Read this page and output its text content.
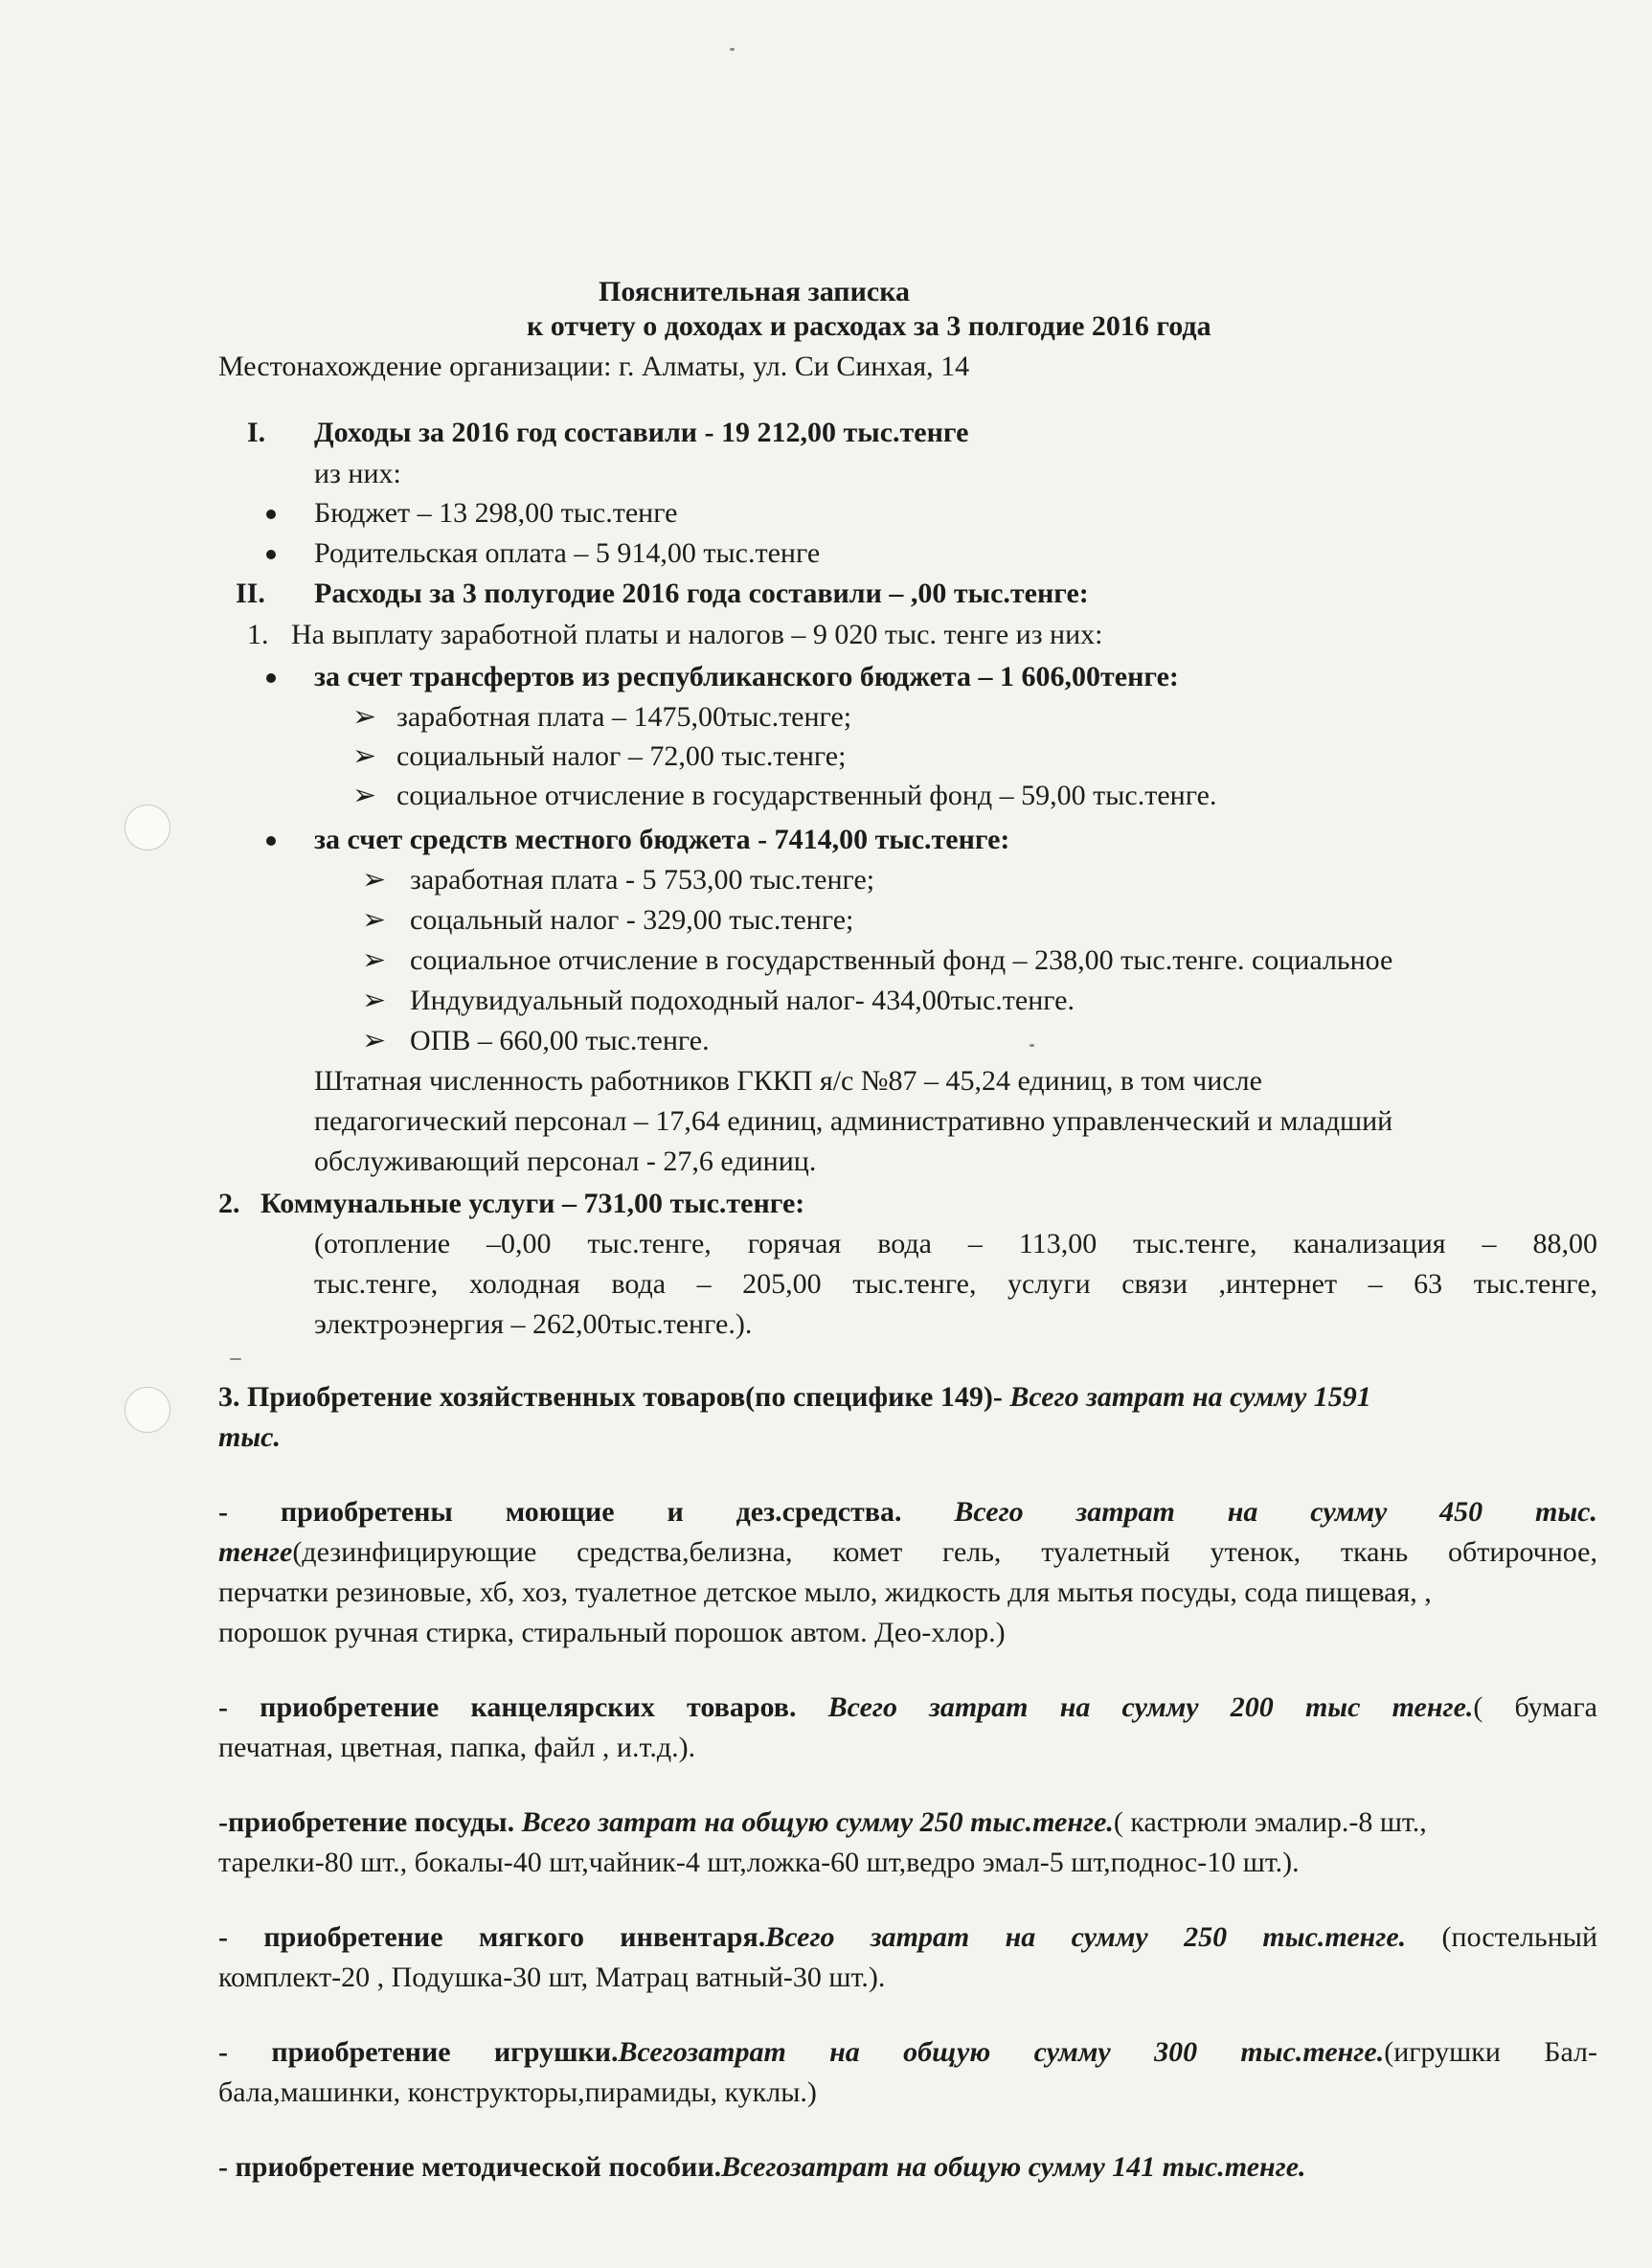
Пояснительная записка
к отчету о доходах и расходах за 3 полгодие 2016 года
Местонахождение организации: г. Алматы, ул. Си Синхая, 14
I. Доходы за 2016 год составили - 19 212,00 тыс.тенге
из них:
Бюджет – 13 298,00 тыс.тенге
Родительская оплата – 5 914,00 тыс.тенге
II. Расходы за 3 полугодие 2016 года составили – ,00 тыс.тенге:
1. На выплату заработной платы и налогов – 9 020 тыс. тенге из них:
за счет трансфертов из республиканского бюджета – 1 606,00тенге:
➢ заработная плата – 1475,00тыс.тенге;
➢ социальный налог – 72,00 тыс.тенге;
➢ социальное отчисление в государственный фонд – 59,00 тыс.тенге.
за счет средств местного бюджета - 7414,00 тыс.тенге:
➢ заработная плата - 5 753,00 тыс.тенге;
➢ соцальный налог - 329,00 тыс.тенге;
➢ социальное отчисление в государственный фонд – 238,00 тыс.тенге. социальное
➢ Индувидуальный подоходный налог- 434,00тыс.тенге.
➢ ОПВ – 660,00 тыс.тенге.
Штатная численность работников ГККП я/с №87 – 45,24 единиц, в том числе
педагогический персонал – 17,64 единиц, административно управленческий и младший
обслуживающий персонал - 27,6 единиц.
2. Коммунальные услуги – 731,00 тыс.тенге:
(отопление –0,00 тыс.тенге, горячая вода – 113,00 тыс.тенге, канализация – 88,00
тыс.тенге, холодная вода – 205,00 тыс.тенге, услуги связи ,интернет – 63 тыс.тенге,
электроэнергия – 262,00тыс.тенге.).
3. Приобретение хозяйственных товаров(по специфике 149)- Всего затрат на сумму 1591
тыс.
- приобретены моющие и дез.средства. Всего затрат на сумму 450 тыс.
тенге(дезинфицирующие средства,белизна, комет гель, туалетный утенок, ткань обтирочное,
перчатки резиновые, хб, хоз, туалетное детское мыло, жидкость для мытья посуды, сода пищевая, ,
порошок ручная стирка, стиральный порошок автом. Део-хлор.)
- приобретение канцелярских товаров. Всего затрат на сумму 200 тыс тенге.( бумага
печатная, цветная, папка, файл , и.т.д.).
-приобретение посуды. Всего затрат на общую сумму 250 тыс.тенге.( кастрюли эмалир.-8 шт.,
тарелки-80 шт., бокалы-40 шт,чайник-4 шт,ложка-60 шт,ведро эмал-5 шт,поднос-10 шт.).
- приобретение мягкого инвентаря.Всего затрат на сумму 250 тыс.тенге. (постельный
комплект-20 , Подушка-30 шт, Матрац ватный-30 шт.).
- приобретение игрушки.Всегозатрат на общую сумму 300 тыс.тенге.(игрушки Бал-
бала,машинки, конструкторы,пирамиды, куклы.)
- приобретение методической пособии.Всегозатрат на общую сумму 141 тыс.тенге.
